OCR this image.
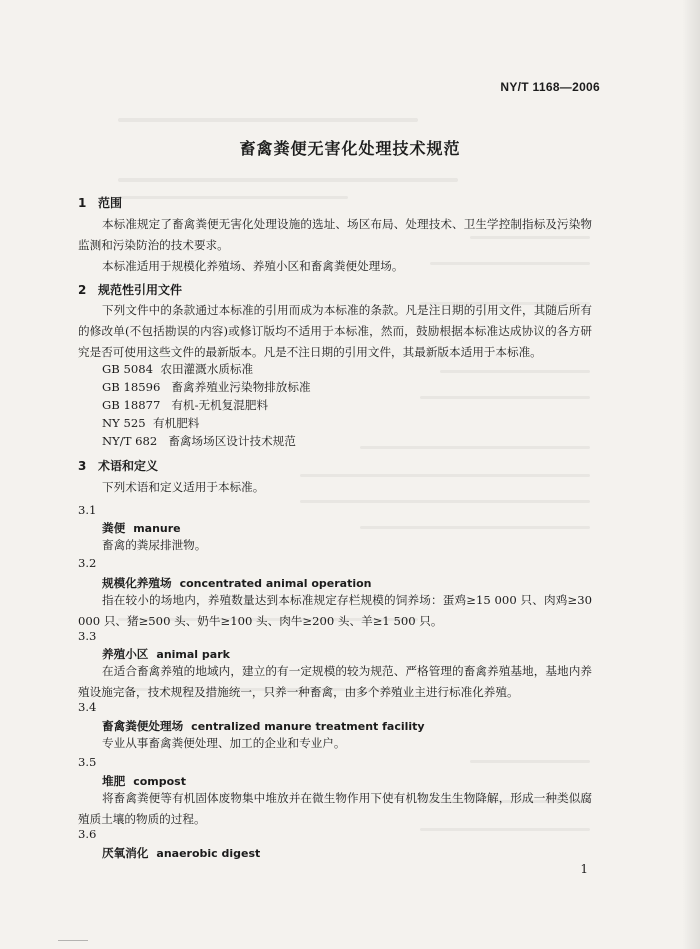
NY/T 1168—2006
畜禽粪便无害化处理技术规范
1 范围
本标准规定了畜禽粪便无害化处理设施的选址、场区布局、处理技术、卫生学控制指标及污染物监测和污染防治的技术要求。
本标准适用于规模化养殖场、养殖小区和畜禽粪便处理场。
2 规范性引用文件
下列文件中的条款通过本标准的引用而成为本标准的条款。凡是注日期的引用文件，其随后所有的修改单(不包括勘误的内容)或修订版均不适用于本标准，然而，鼓励根据本标准达成协议的各方研究是否可使用这些文件的最新版本。凡是不注日期的引用文件，其最新版本适用于本标准。
GB 5084 农田灌溉水质标准
GB 18596 畜禽养殖业污染物排放标准
GB 18877 有机-无机复混肥料
NY 525 有机肥料
NY/T 682 畜禽场场区设计技术规范
3 术语和定义
下列术语和定义适用于本标准。
3.1
粪便 manure
畜禽的粪尿排泄物。
3.2
规模化养殖场 concentrated animal operation
指在较小的场地内，养殖数量达到本标准规定存栏规模的饲养场：蛋鸡≥15 000 只、肉鸡≥30 000 只、猪≥500 头、奶牛≥100 头、肉牛≥200 头、羊≥1 500 只。
3.3
养殖小区 animal park
在适合畜禽养殖的地域内，建立的有一定规模的较为规范、严格管理的畜禽养殖基地，基地内养殖设施完备，技术规程及措施统一，只养一种畜禽，由多个养殖业主进行标准化养殖。
3.4
畜禽粪便处理场 centralized manure treatment facility
专业从事畜禽粪便处理、加工的企业和专业户。
3.5
堆肥 compost
将畜禽粪便等有机固体废物集中堆放并在微生物作用下使有机物发生生物降解，形成一种类似腐殖质土壤的物质的过程。
3.6
厌氧消化 anaerobic digest
1
